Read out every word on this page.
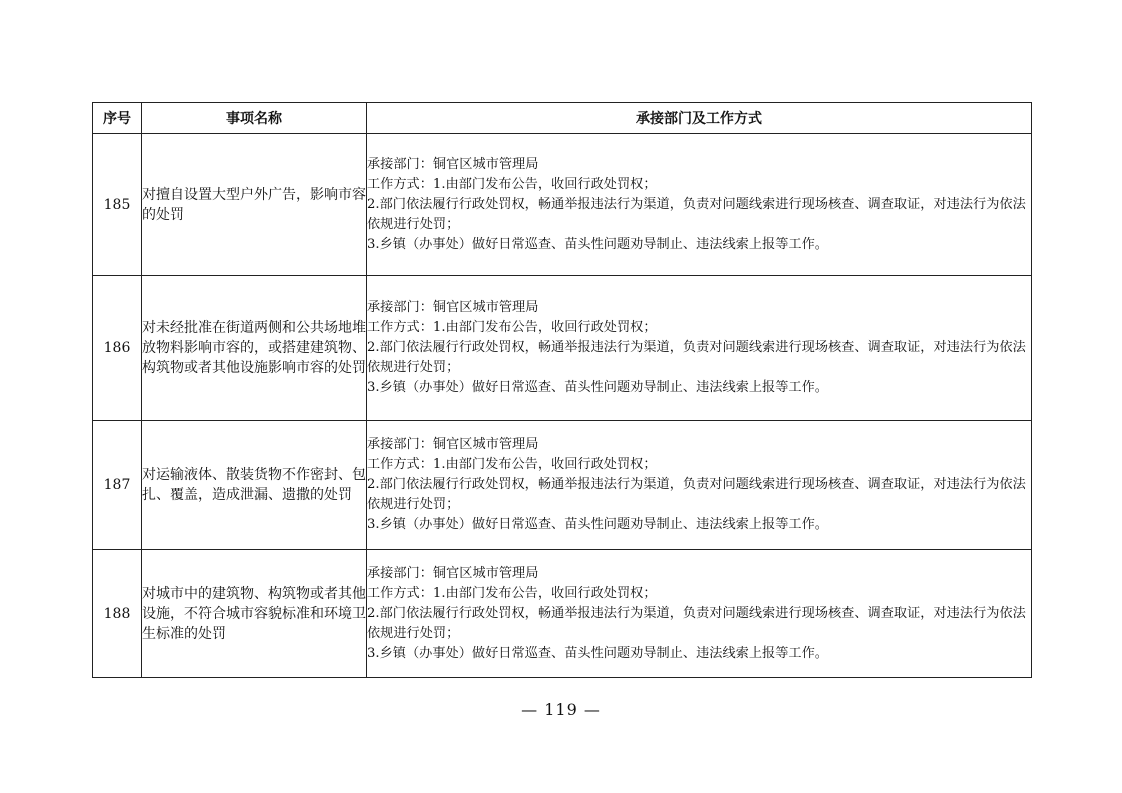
序号	事项名称	承接部门及工作方式
185	对擅自设置大型户外广告，影响市容的处罚	承接部门：铜官区城市管理局
工作方式：1.由部门发布公告，收回行政处罚权；
2.部门依法履行行政处罚权，畅通举报违法行为渠道，负责对问题线索进行现场核查、调查取证，对违法行为依法依规进行处罚；
3.乡镇（办事处）做好日常巡查、苗头性问题劝导制止、违法线索上报等工作。

186	对未经批准在街道两侧和公共场地堆放物料影响市容的，或搭建建筑物、构筑物或者其他设施影响市容的处罚	承接部门：铜官区城市管理局
工作方式：1.由部门发布公告，收回行政处罚权；
2.部门依法履行行政处罚权，畅通举报违法行为渠道，负责对问题线索进行现场核查、调查取证，对违法行为依法依规进行处罚；
3.乡镇（办事处）做好日常巡查、苗头性问题劝导制止、违法线索上报等工作。

187	对运输液体、散装货物不作密封、包扎、覆盖，造成泄漏、遗撒的处罚	承接部门：铜官区城市管理局
工作方式：1.由部门发布公告，收回行政处罚权；
2.部门依法履行行政处罚权，畅通举报违法行为渠道，负责对问题线索进行现场核查、调查取证，对违法行为依法依规进行处罚；
3.乡镇（办事处）做好日常巡查、苗头性问题劝导制止、违法线索上报等工作。

188	对城市中的建筑物、构筑物或者其他设施，不符合城市容貌标准和环境卫生标准的处罚	承接部门：铜官区城市管理局
工作方式：1.由部门发布公告，收回行政处罚权；
2.部门依法履行行政处罚权，畅通举报违法行为渠道，负责对问题线索进行现场核查、调查取证，对违法行为依法依规进行处罚；
3.乡镇（办事处）做好日常巡查、苗头性问题劝导制止、违法线索上报等工作。
— 119 —
